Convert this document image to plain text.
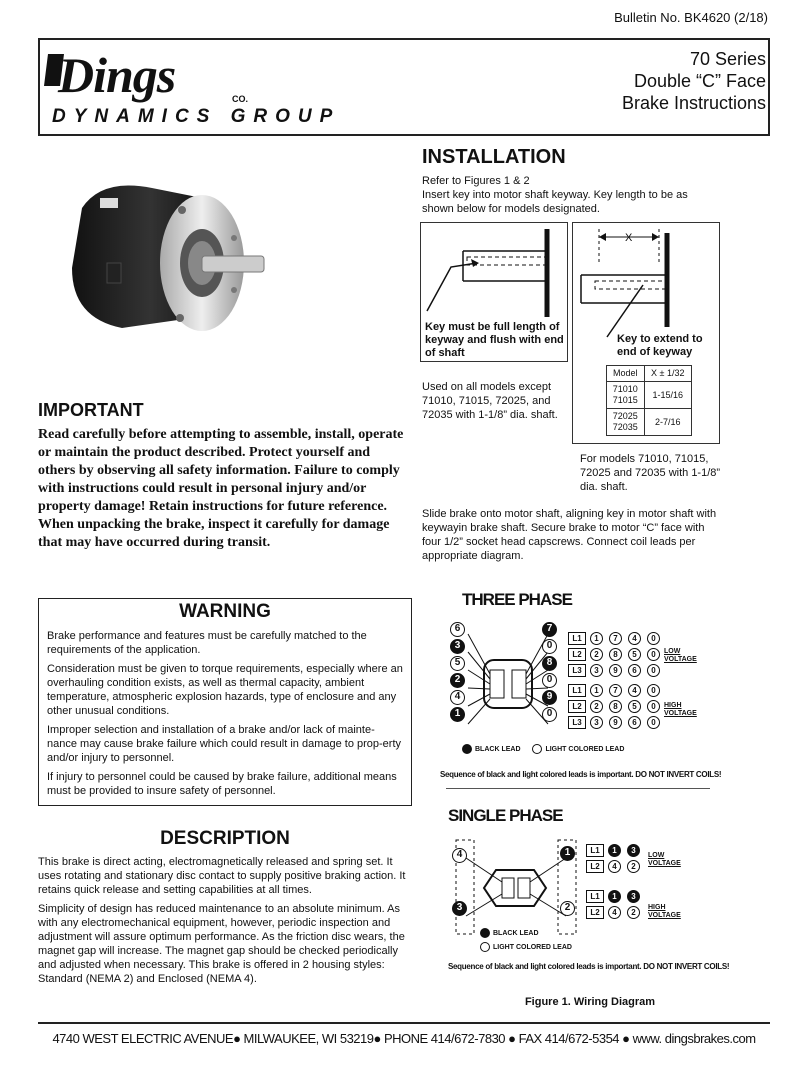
Bulletin No. BK4620 (2/18)
Dings	CO.
DYNAMICS GROUP
70 Series
Double “C” Face
Brake Instructions
INSTALLATION
Refer to Figures 1 & 2
Insert key into motor shaft keyway. Key length to be as shown below for models designated.
Key must be full length of keyway and flush with end of shaft
X
Key to extend to end of keyway
Used on all models except 71010, 71015, 72025, and 72035 with 1-1/8” dia. shaft.
Model	X ± 1/32

71010
71015	1-15/16

72025
72035	2-7/16
For models 71010, 71015, 72025 and 72035 with 1-1/8” dia. shaft.
Slide brake onto motor shaft, aligning key in motor shaft with keywayin brake shaft. Secure brake to motor “C” face with four 1/2” socket head capscrews. Connect coil leads per appropriate diagram.
IMPORTANT
Read carefully before attempting to assemble, install, operate or maintain the product described. Protect yourself and others by observing all safety information. Failure to comply with instructions could result in personal injury and/or property damage! Retain instructions for future reference. When unpacking the brake, inspect it carefully for damage that may have occurred during transit.
WARNING

Brake performance and features must be carefully matched to the requirements of the application.

Consideration must be given to torque requirements, especially where an overhauling condition exists, as well as thermal capacity, ambient temperature, atmospheric explosion hazards, type of enclosure and any other unusual conditions.

Improper selection and installation of a brake and/or lack of mainte-nance may cause brake failure which could result in damage to prop-erty and/or injury to personnel.

If injury to personnel could be caused by brake failure, additional means must be provided to insure safety of personnel.

DESCRIPTION

This brake is direct acting, electromagnetically released and spring set. It uses rotating and stationary disc contact to supply positive braking action. It retains quick release and setting capabilities at all times.

Simplicity of design has reduced maintenance to an absolute minimum. As with any electromechanical equipment, however, periodic inspection and adjustment will assure optimum performance. As the friction disc wears, the magnet gap will increase. The magnet gap should be checked periodically and adjusted when necessary. This brake is offered in 2 housing styles: Standard (NEMA 2) and Enclosed (NEMA 4).

THREE PHASE
6
3
5
2
4
1
7
0
8
0
9
0
L1	1	7	4	0
L2	2	8	5	0
L3	3	9	6	0
L1	1	7	4	0
L2	2	8	5	0
L3	3	9	6	0
LOW VOLTAGE
HIGH VOLTAGE
BLACK LEAD	LIGHT COLORED LEAD
Sequence of black and light colored leads is important. DO NOT INVERT COILS!
SINGLE PHASE
4
3
1
2
L1	1	3
L2	4	2
L1	1	3
L2	4	2
LOW VOLTAGE
HIGH VOLTAGE
BLACK LEAD
LIGHT COLORED LEAD
Sequence of black and light colored leads is important. DO NOT INVERT COILS!
Figure 1. Wiring Diagram
4740 WEST ELECTRIC AVENUE● MILWAUKEE, WI 53219● PHONE 414/672-7830 ● FAX 414/672-5354 ● www. dingsbrakes.com
